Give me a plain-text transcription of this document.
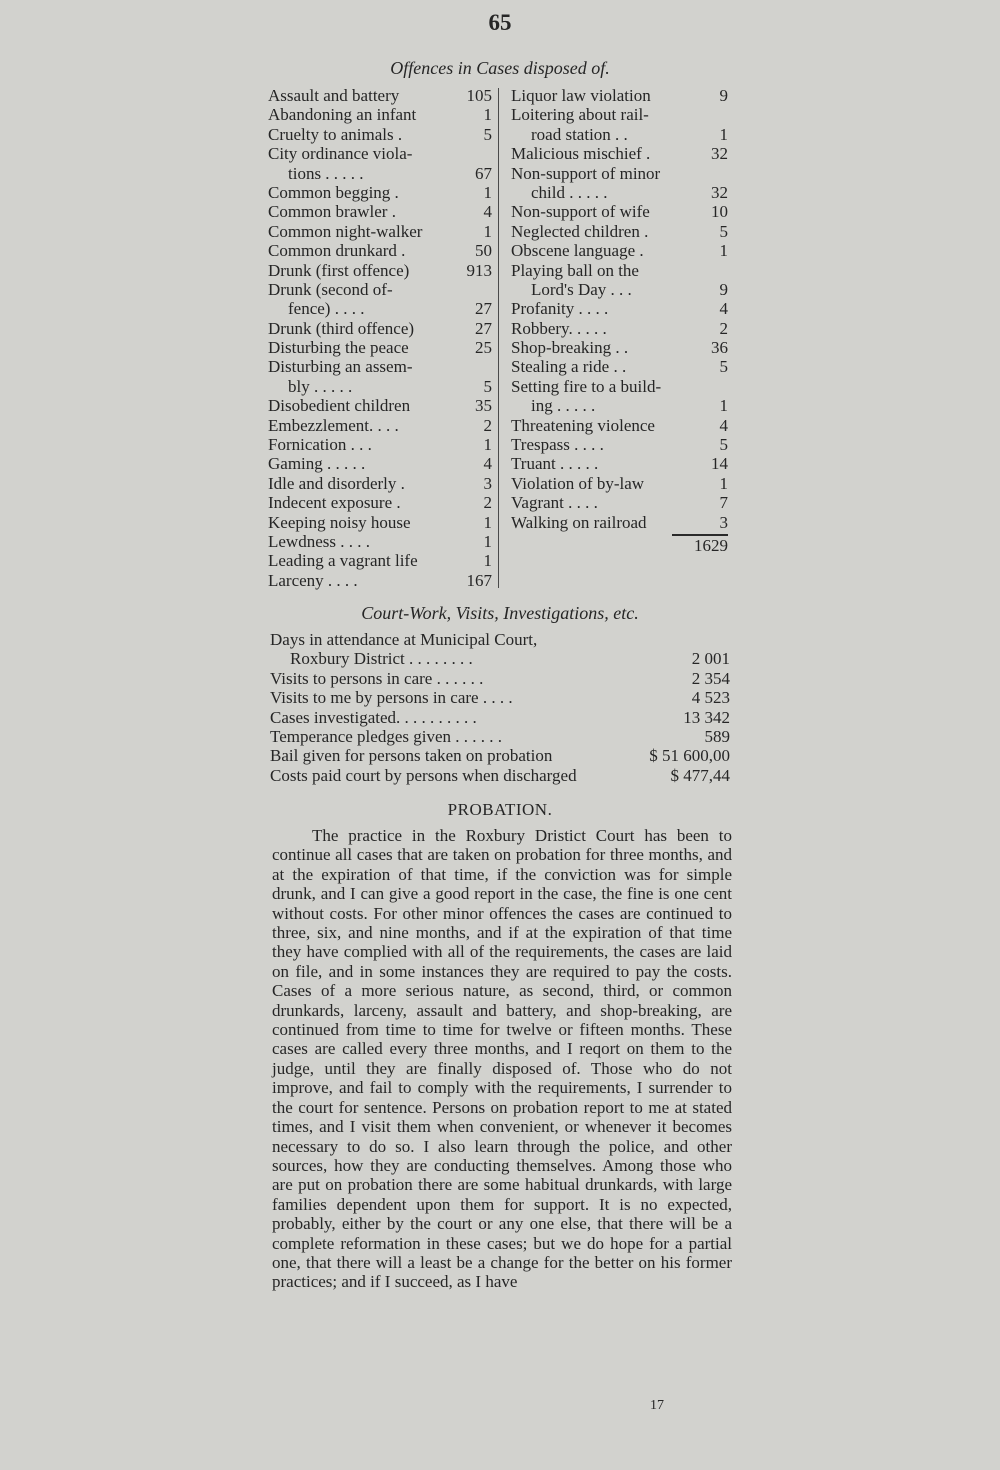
65
Offences in Cases disposed of.
Assault and battery	105
Abandoning an infant	1
Cruelty to animals .	5
City ordinance viola-
tions . . . . .	67
Common begging .	1
Common brawler .	4
Common night-walker	1
Common drunkard .	50
Drunk (first offence)	913
Drunk (second of-
fence) . . . .	27
Drunk (third offence)	27
Disturbing the peace	25
Disturbing an assem-
bly . . . . .	5
Disobedient children	35
Embezzlement. . . .	2
Fornication . . .	1
Gaming . . . . .	4
Idle and disorderly .	3
Indecent exposure .	2
Keeping noisy house	1
Lewdness . . . .	1
Leading a vagrant life	1
Larceny . . . .	167
Liquor law violation	9
Loitering about rail-
road station . .	1
Malicious mischief .	32
Non-support of minor
child . . . . .	32
Non-support of wife	10
Neglected children .	5
Obscene language .	1
Playing ball on the
Lord's Day . . .	9
Profanity . . . .	4
Robbery. . . . .	2
Shop-breaking . .	36
Stealing a ride . .	5
Setting fire to a build-
ing . . . . .	1
Threatening violence	4
Trespass . . . .	5
Truant . . . . .	14
Violation of by-law	1
Vagrant . . . .	7
Walking on railroad	3
1629
Court-Work, Visits, Investigations, etc.
Days in attendance at Municipal Court,
Roxbury District . . . . . . . .	2 001
Visits to persons in care . . . . . .	2 354
Visits to me by persons in care . . . .	4 523
Cases investigated. . . . . . . . . .	13 342
Temperance pledges given . . . . . .	589
Bail given for persons taken on probation	$ 51 600,00
Costs paid court by persons when discharged	$ 477,44
PROBATION.

The practice in the Roxbury Dristict Court has been to continue all cases that are taken on probation for three months, and at the expiration of that time, if the conviction was for simple drunk, and I can give a good report in the case, the fine is one cent without costs. For other minor offences the cases are continued to three, six, and nine months, and if at the expiration of that time they have complied with all of the requirements, the cases are laid on file, and in some instances they are required to pay the costs. Cases of a more serious nature, as second, third, or common drunkards, larceny, assault and battery, and shop-breaking, are continued from time to time for twelve or fifteen months. These cases are called every three months, and I reqort on them to the judge, until they are finally disposed of. Those who do not improve, and fail to comply with the requirements, I surrender to the court for sentence. Persons on probation report to me at stated times, and I visit them when convenient, or whenever it becomes necessary to do so. I also learn through the police, and other sources, how they are conducting themselves. Among those who are put on probation there are some habitual drunkards, with large families dependent upon them for support. It is no expected, probably, either by the court or any one else, that there will be a complete reformation in these cases; but we do hope for a partial one, that there will a least be a change for the better on his former practices; and if I succeed, as I have

17
